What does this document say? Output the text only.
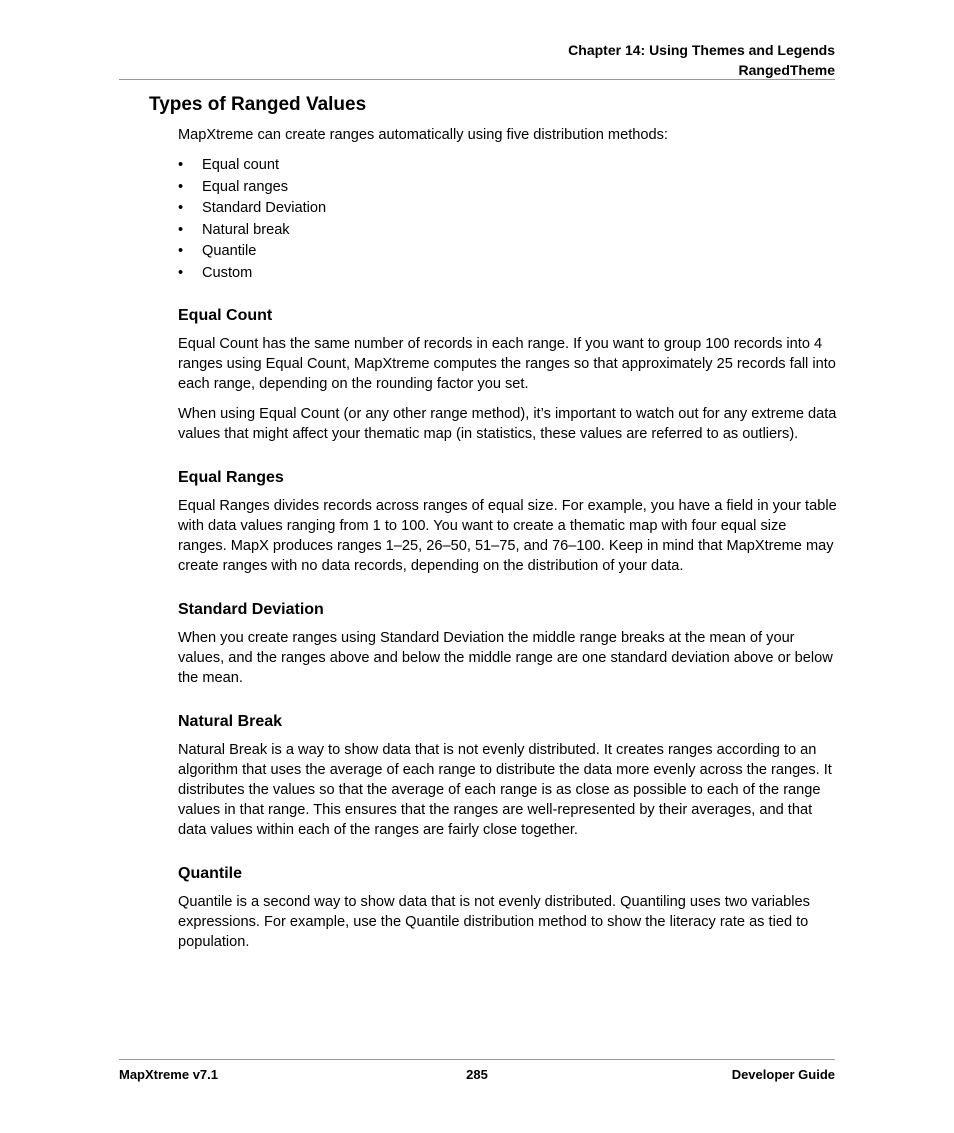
Chapter 14: Using Themes and Legends
RangedTheme
Types of Ranged Values

MapXtreme can create ranges automatically using five distribution methods:

• Equal count
• Equal ranges
• Standard Deviation
• Natural break
• Quantile
• Custom
Equal Count

Equal Count has the same number of records in each range. If you want to group 100 records into 4 ranges using Equal Count, MapXtreme computes the ranges so that approximately 25 records fall into each range, depending on the rounding factor you set.

When using Equal Count (or any other range method), it’s important to watch out for any extreme data values that might affect your thematic map (in statistics, these values are referred to as outliers).

Equal Ranges

Equal Ranges divides records across ranges of equal size. For example, you have a field in your table with data values ranging from 1 to 100. You want to create a thematic map with four equal size ranges. MapX produces ranges 1–25, 26–50, 51–75, and 76–100. Keep in mind that MapXtreme may create ranges with no data records, depending on the distribution of your data.

Standard Deviation

When you create ranges using Standard Deviation the middle range breaks at the mean of your values, and the ranges above and below the middle range are one standard deviation above or below the mean.

Natural Break

Natural Break is a way to show data that is not evenly distributed. It creates ranges according to an algorithm that uses the average of each range to distribute the data more evenly across the ranges. It distributes the values so that the average of each range is as close as possible to each of the range values in that range. This ensures that the ranges are well-represented by their averages, and that data values within each of the ranges are fairly close together.

Quantile

Quantile is a second way to show data that is not evenly distributed. Quantiling uses two variables expressions. For example, use the Quantile distribution method to show the literacy rate as tied to population.

MapXtreme v7.1	285	Developer Guide
